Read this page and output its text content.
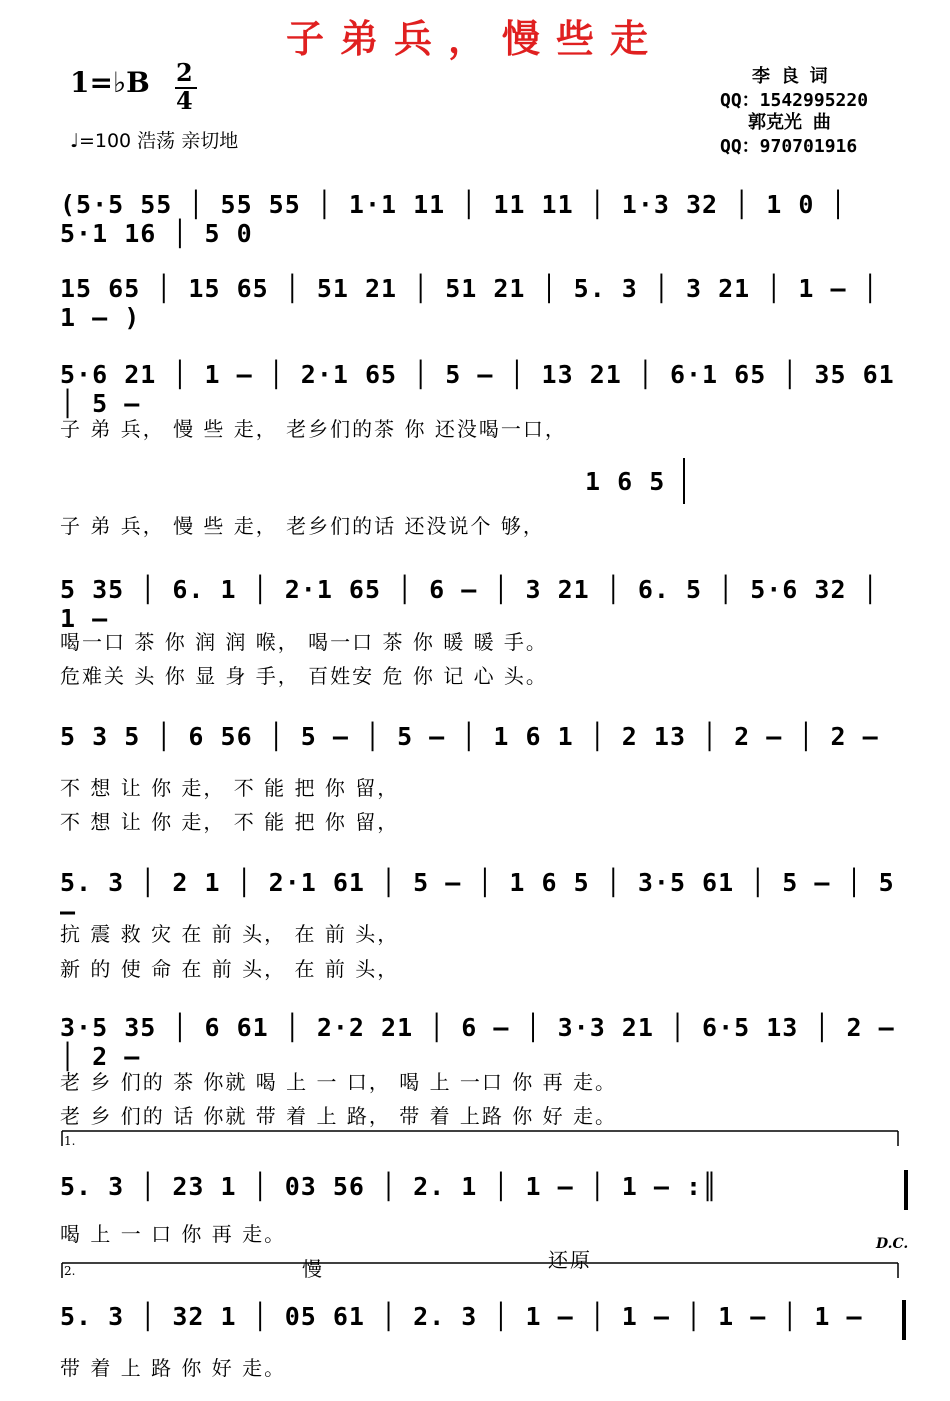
子弟兵，慢些走
1=♭B 2
4
♩=100 浩荡 亲切地
李 良 词
QQ：1542995220
郭克光 曲
QQ：970701916
(5·5 55 │ 55 55 │ 1·1 11 │ 11 11 │ 1·3 32 │ 1 0 │ 5·1 16 │ 5 0
15 65 │ 15 65 │ 51 21 │ 51 21 │ 5. 3 │ 3 21 │ 1 – │ 1 – )
5·6 21 │ 1 – │ 2·1 65 │ 5 – │ 13 21 │ 6·1 65 │ 35 61 │ 5 –
子 弟 兵， 慢 些 走， 老乡们的茶 你 还没喝一口，
1 6 5
子 弟 兵， 慢 些 走， 老乡们的话 还没说个 够，
5 35 │ 6. 1 │ 2·1 65 │ 6 – │ 3 21 │ 6. 5 │ 5·6 32 │ 1 –
喝一口 茶 你 润 润 喉， 喝一口 茶 你 暖 暖 手。
危难关 头 你 显 身 手， 百姓安 危 你 记 心 头。
5 3 5 │ 6 56 │ 5 – │ 5 – │ 1 6 1 │ 2 13 │ 2 – │ 2 –
不 想 让 你 走， 不 能 把 你 留，
不 想 让 你 走， 不 能 把 你 留，
5. 3 │ 2 1 │ 2·1 61 │ 5 – │ 1 6 5 │ 3·5 61 │ 5 – │ 5 –
抗 震 救 灾 在 前 头， 在 前 头，
新 的 使 命 在 前 头， 在 前 头，
3·5 35 │ 6 61 │ 2·2 21 │ 6 – │ 3·3 21 │ 6·5 13 │ 2 – │ 2 –
老 乡 们的 茶 你就 喝 上 一 口， 喝 上 一口 你 再 走。
老 乡 们的 话 你就 带 着 上 路， 带 着 上路 你 好 走。
1.
5. 3 │ 23 1 │ 03 56 │ 2. 1 │ 1 – │ 1 – :║
喝 上 一 口 你 再 走。	D.C.
慢	还原
2.
5. 3 │ 32 1 │ 05 61 │ 2. 3 │ 1 – │ 1 – │ 1 – │ 1 –
带 着 上 路 你 好 走。
